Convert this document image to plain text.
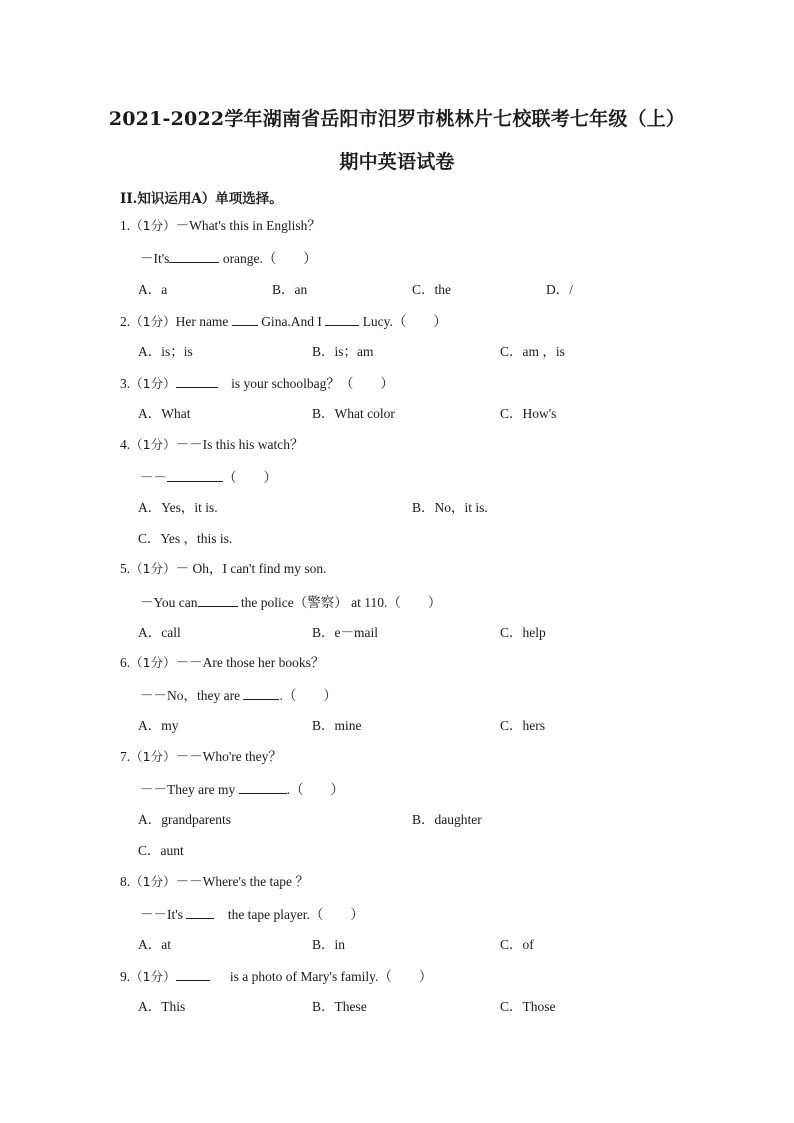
2021-2022学年湖南省岳阳市汨罗市桃林片七校联考七年级（上）
期中英语试卷
II.知识运用A）单项选择。
1.（1分）－What's this in English？
－It's	orange.（　　）
A．a	B．an	C．the	D．/
2.（1分）Her name Gina.And I	Lucy.（　　）
A．is；is	B．is；am	C．am ，is
3.（1分）	is your schoolbag？（　　）
A．What	B．What color	C．How's
4.（1分）－－Is this his watch？
－－	（　　）
A．Yes，it is.	B．No，it is.
C．Yes ，this is.
5.（1分）－ Oh，I can't find my son.
－You can	the police（警察） at 110.（　　）
A．call	B．e－mail	C．help
6.（1分）－－Are those her books？
－－No，they are	.（　　）
A．my	B．mine	C．hers
7.（1分）－－Who're they？
－－They are my	.（　　）
A．grandparents	B．daughter
C．aunt
8.（1分）－－Where's the tape ？
－－It's	the tape player.（　　）
A．at	B．in	C．of
9.（1分）	is a photo of Mary's family.（　　）
A．This	B．These	C．Those
